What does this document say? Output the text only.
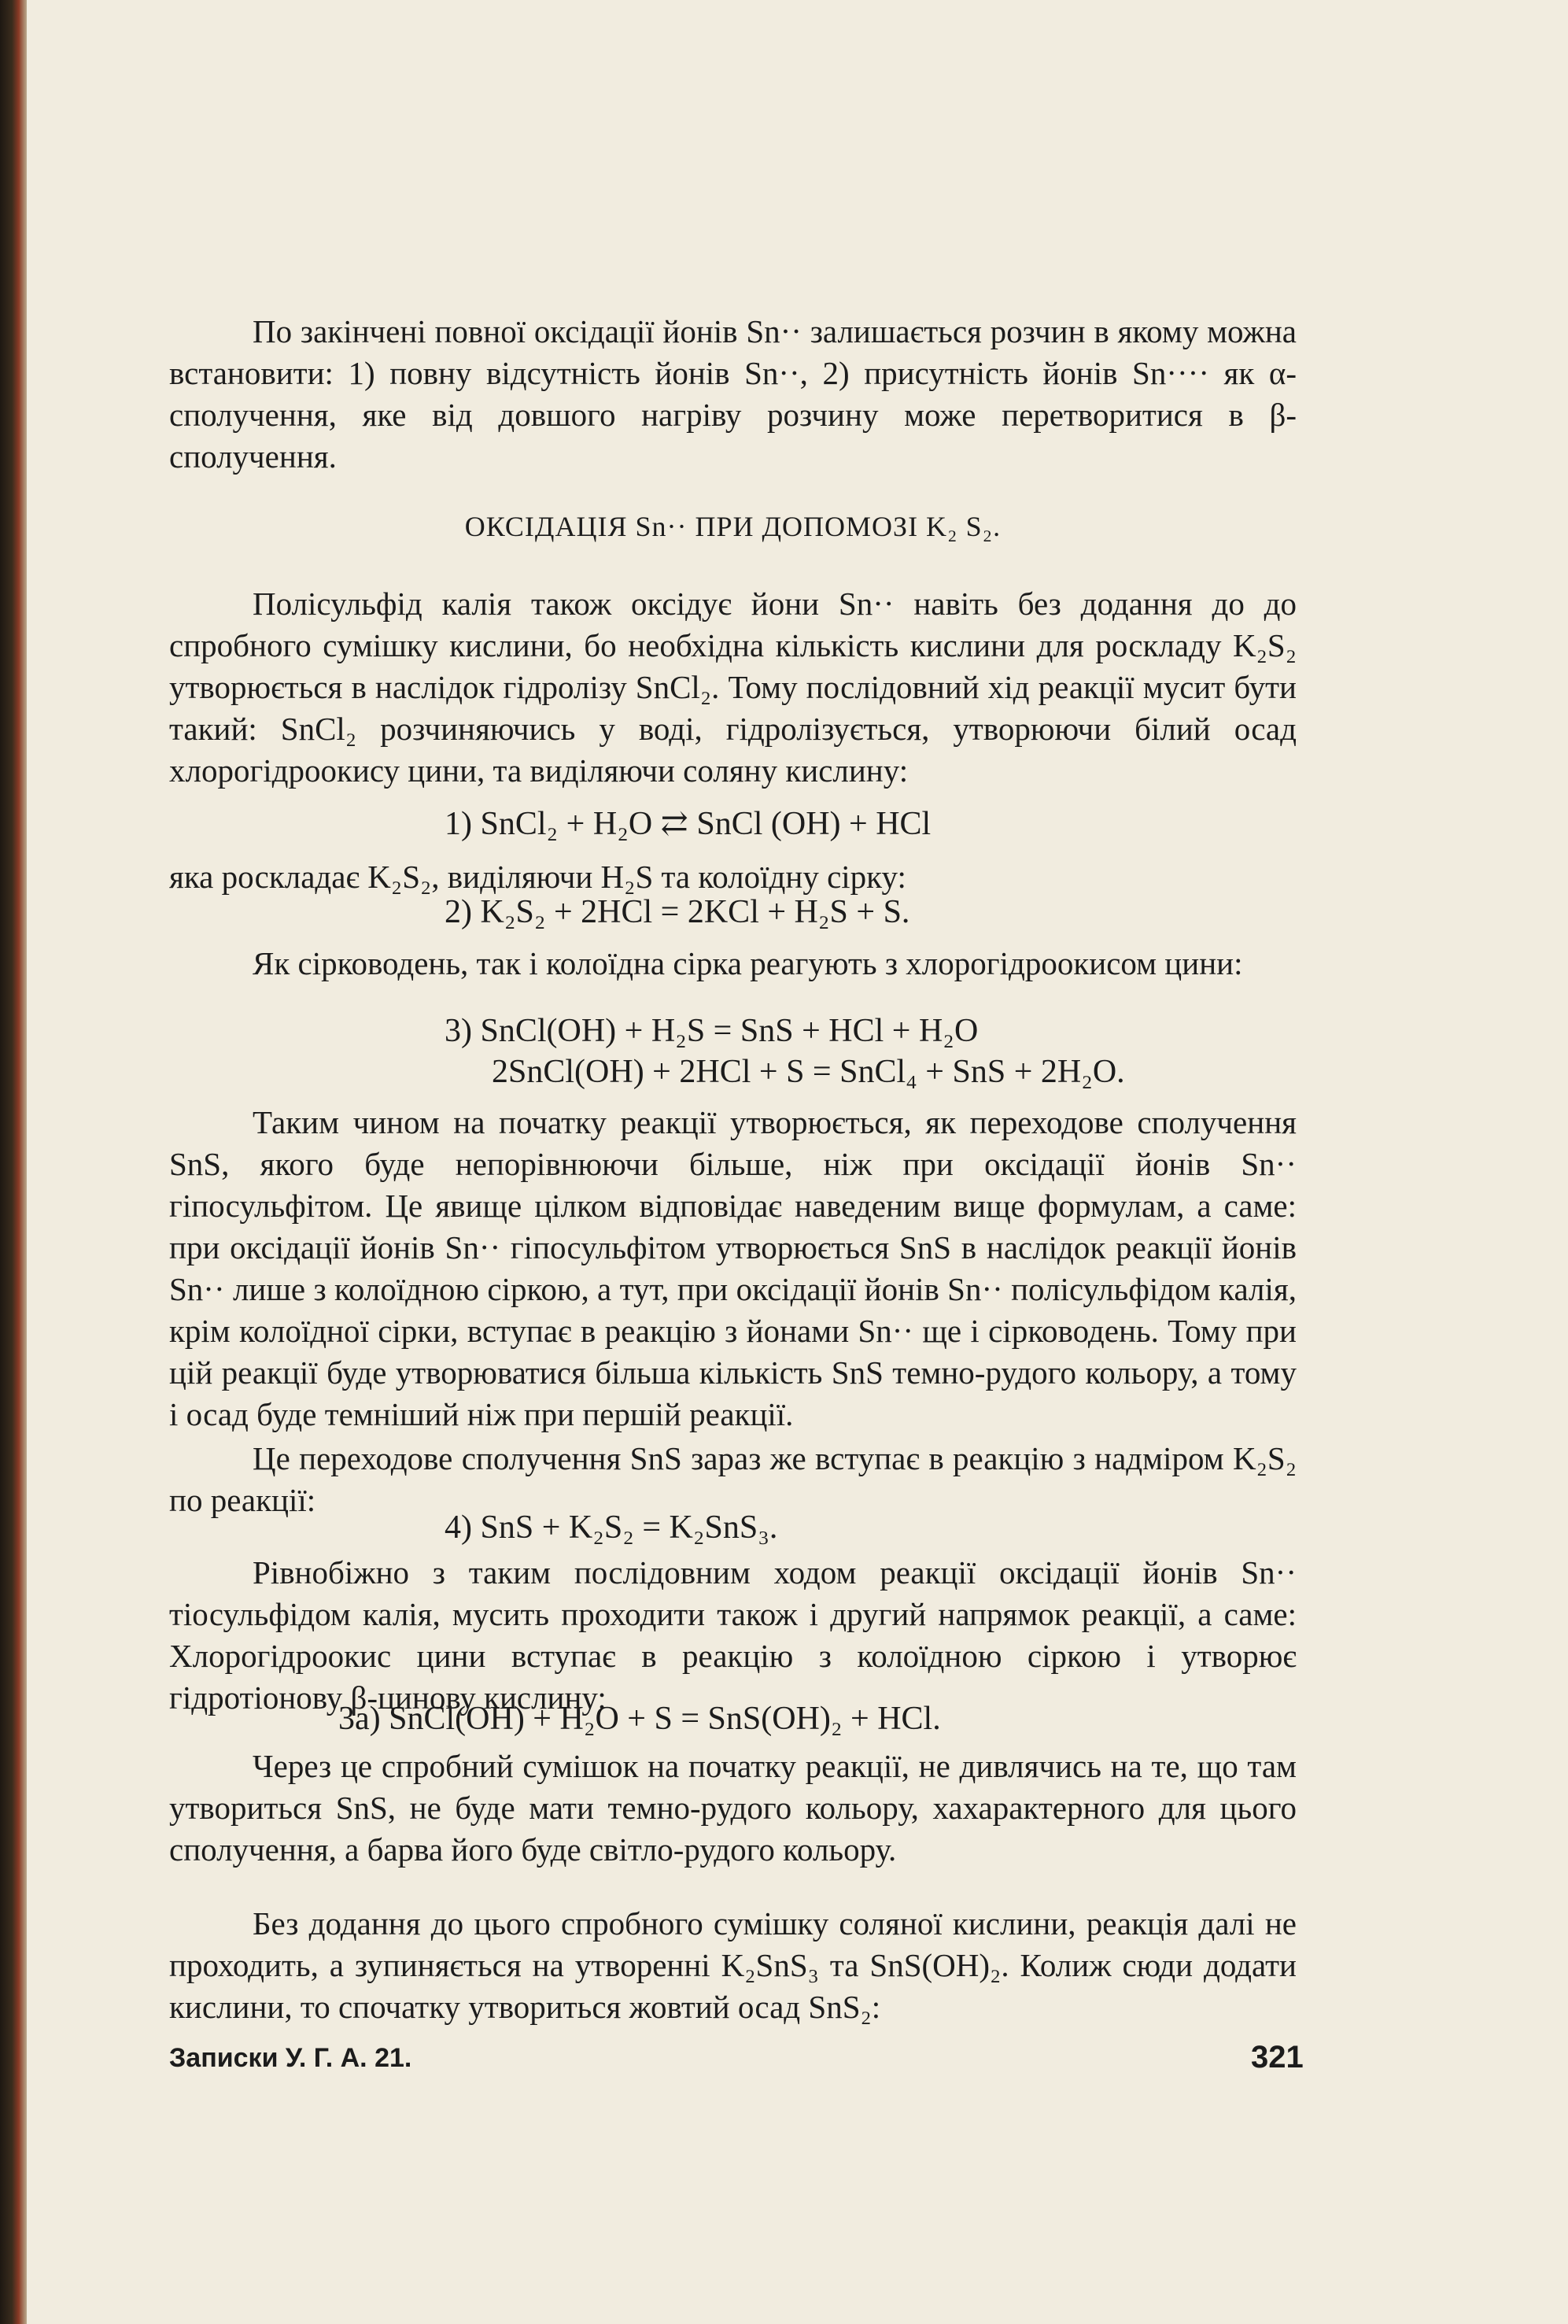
По закінчені повної оксідації йонів Sn·· залишається розчин в якому можна встановити: 1) повну відсутність йонів Sn··, 2) присутність йонів Sn···· як α-сполучення, яке від довшого нагріву розчину може перетворитися в β-сполучення.

ОКСІДАЦІЯ Sn·· ПРИ ДОПОМОЗІ K₂ S₂.

Полісульфід калія також оксідує йони Sn·· навіть без додання до до спробного сумішку кислини, бо необхідна кількість кислини для роскладу K₂S₂ утворюється в наслідок гідролізу SnCl₂. Тому послідовний хід реакції мусит бути такий: SnCl₂ розчиняючись у воді, гідролізується, утворюючи білий осад хлорогідроокису цини, та виділяючи соляну кислину:

1) SnCl₂ + H₂O ⇄ SnCl (OH) + HCl
яка роскладає K₂S₂, виділяючи H₂S та колоїдну сірку:
2) K₂S₂ + 2HCl = 2KCl + H₂S + S.

Як сірководень, так і колоїдна сірка реагують з хлорогідроокисом цини:

3) SnCl(OH) + H₂S = SnS + HCl + H₂O
2SnCl(OH) + 2HCl + S = SnCl₄ + SnS + 2H₂O.

Таким чином на початку реакції утворюється, як переходове сполучення SnS, якого буде непорівнюючи більше, ніж при оксідації йонів Sn·· гіпосульфітом. Це явище цілком відповідає наведеним вище формулам, а саме: при оксідації йонів Sn·· гіпосульфітом утворюється SnS в наслідок реакції йонів Sn·· лише з колоїдною сіркою, а тут, при оксідації йонів Sn·· полісульфідом калія, крім колоїдної сірки, вступає в реакцію з йонами Sn·· ще і сірководень. Тому при цій реакції буде утворюватися більша кількість SnS темно-рудого кольору, а тому і осад буде темніший ніж при першій реакції.

Це переходове сполучення SnS зараз же вступає в реакцію з надміром K₂S₂ по реакції:

4) SnS + K₂S₂ = K₂SnS₃.

Рівнобіжно з таким послідовним ходом реакції оксідації йонів Sn·· тіосульфідом калія, мусить проходити також і другий напрямок реакції, а саме: Хлорогідроокис цини вступає в реакцію з колоїдною сіркою і утворює гідротіонову β-цинову кислину:

3a) SnCl(OH) + H₂O + S = SnS(OH)₂ + HCl.

Через це спробний сумішок на початку реакції, не дивлячись на те, що там утвориться SnS, не буде мати темно-рудого кольору, хахарактерного для цього сполучення, а барва його буде світло-рудого кольору.

Без додання до цього спробного сумішку соляної кислини, реакція далі не проходить, а зупиняється на утворенні K₂SnS₃ та SnS(OH)₂. Колиж сюди додати кислини, то спочатку утвориться жовтий осад SnS₂:

Записки У. Г. А. 21.	321
